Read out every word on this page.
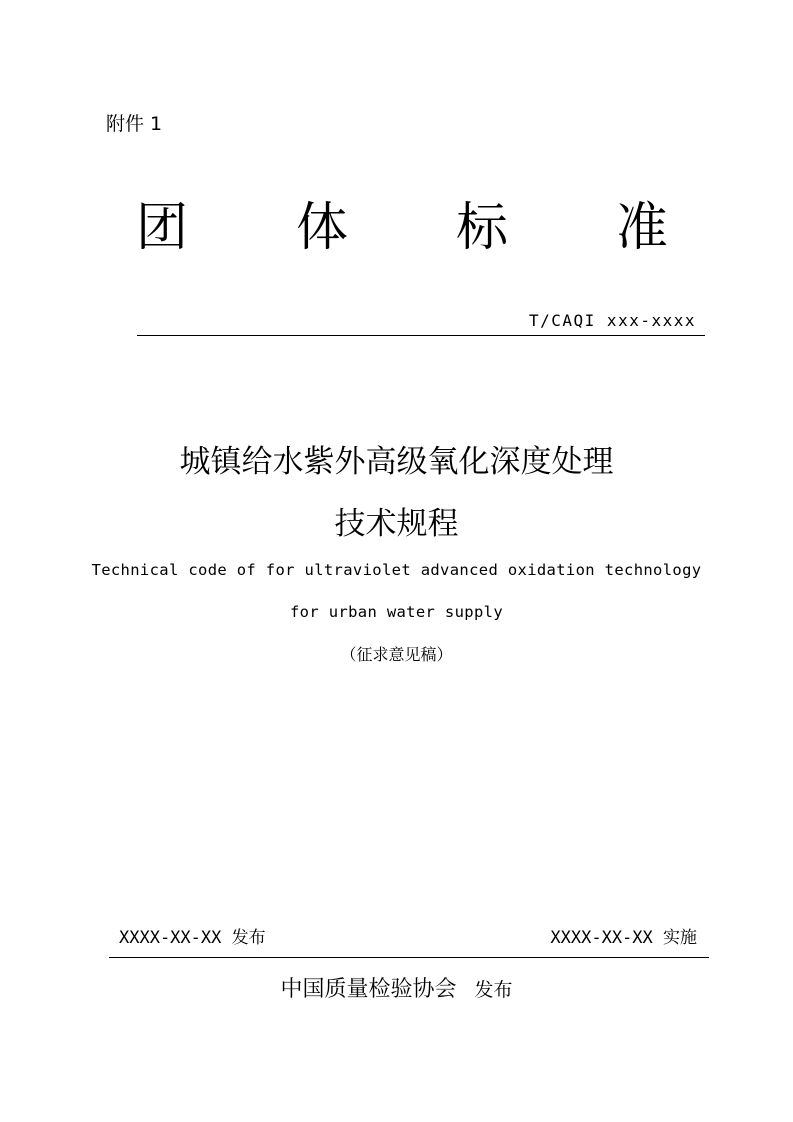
附件 1
团 体 标 准
T/CAQI xxx-xxxx
城镇给水紫外高级氧化深度处理
技术规程
Technical code of for ultraviolet advanced oxidation technology
for urban water supply
（征求意见稿）
XXXX-XX-XX 发布	XXXX-XX-XX 实施
中国质量检验协会 发布
